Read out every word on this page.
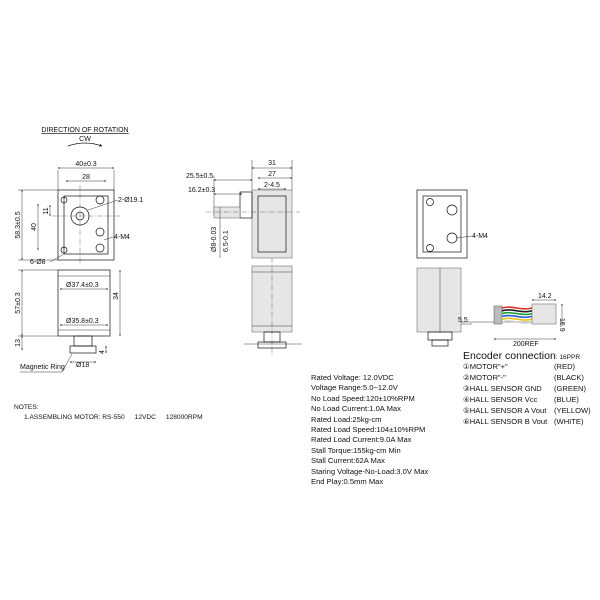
DIRECTION OF ROTATION
CW
40±0.3
28
2-Ø19.1
4-M4
6-Ø8
58.3±0.5 40
11
Ø37.4±0.3
Ø35.8±0.3
34
57±0.3
13
Ø18
4
Magnetic Ring
31
27
25.5±0.5
2-4.5
16.2±0.3
Ø8-0.03 6.5-0.1	4-M4
5.5
14.2
15.9
200REF
Rated Voltage: 12.0VDC
Voltage Range:5.0~12.0V
No Load Speed:120±10%RPM
No Load Current:1.0A Max
Rated Load:25kg-cm
Rated Load Speed:104±10%RPM
Rated Load Current:9.0A Max
Stall Torque:155kg-cm Min
Stall Current:62A Max
Staring Voltage-No-Load:3.0V Max
End Play:0.5mm Max
Encoder connection: 16PPR
①MOTOR"+"	(RED)
②MOTOR"-"	(BLACK)
③HALL SENSOR GND (GREEN)
④HALL SENSOR Vcc (BLUE)
⑤HALL SENSOR A Vout (YELLOW)
⑥HALL SENSOR B Vout (WHITE)
NOTES:
1.ASSEMBLING MOTOR: RS-550 12VDC 128000RPM
